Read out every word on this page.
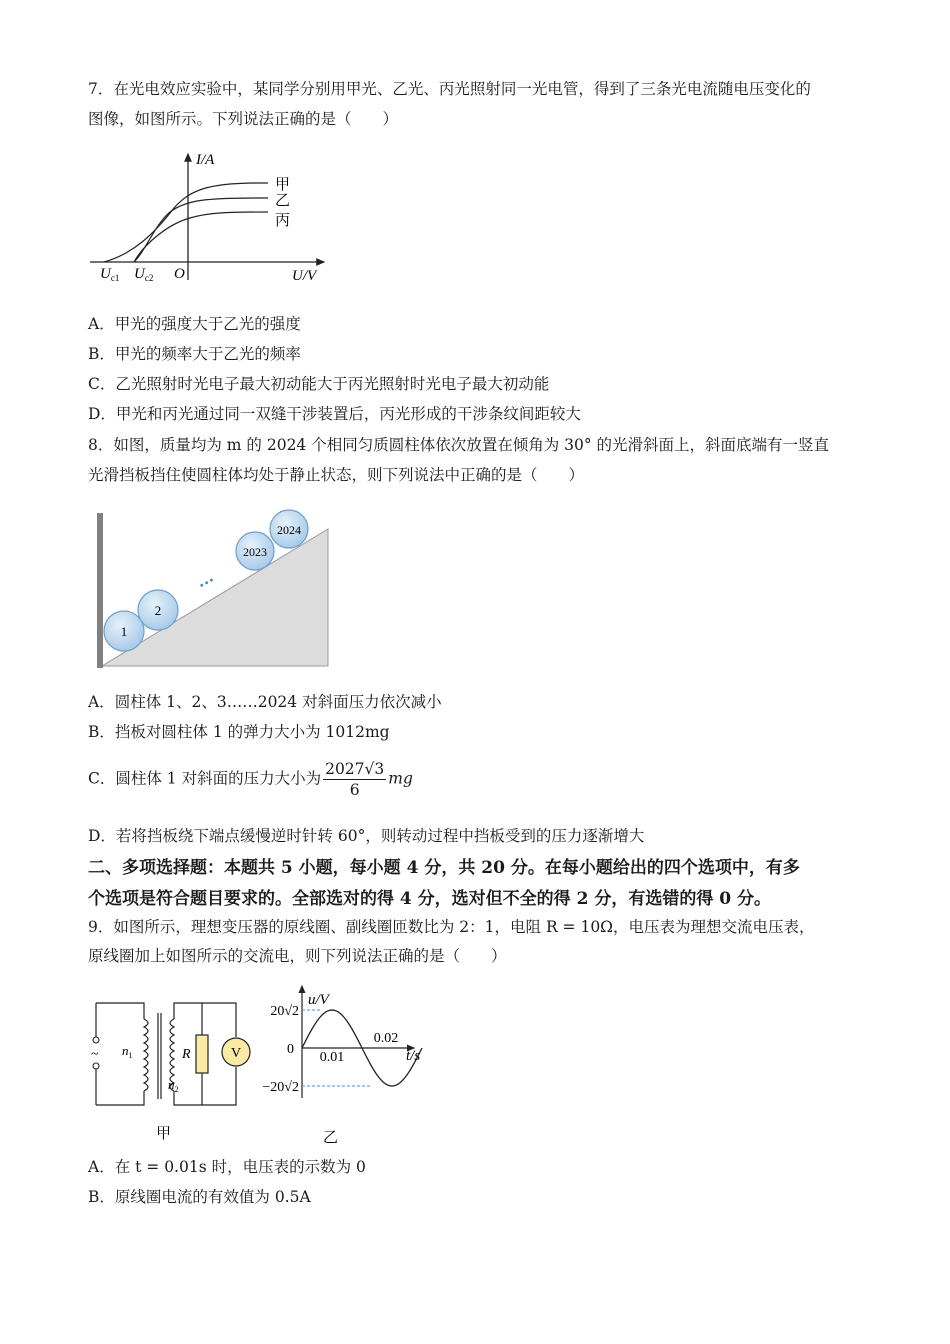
7．在光电效应实验中，某同学分别用甲光、乙光、丙光照射同一光电管，得到了三条光电流随电压变化的
图像，如图所示。下列说法正确的是（　　）
I/A
U/V
O
$U_{c1}$ $U_{c2}$
甲
乙
丙
A．甲光的强度大于乙光的强度
B．甲光的频率大于乙光的频率
C．乙光照射时光电子最大初动能大于丙光照射时光电子最大初动能
D．甲光和丙光通过同一双缝干涉装置后，丙光形成的干涉条纹间距较大
8．如图，质量均为 m 的 2024 个相同匀质圆柱体依次放置在倾角为 30° 的光滑斜面上，斜面底端有一竖直
光滑挡板挡住使圆柱体均处于静止状态，则下列说法中正确的是（　　）
1
2
2023
2024
...
A．圆柱体 1、2、3……2024 对斜面压力依次减小
B．挡板对圆柱体 1 的弹力大小为 1012mg
C．圆柱体 1 对斜面的压力大小为 $\frac{2027√3}{6}$ mg
D．若将挡板绕下端点缓慢逆时针转 60°，则转动过程中挡板受到的压力逐渐增大
二、多项选择题：本题共 5 小题，每小题 4 分，共 20 分。在每小题给出的四个选项中，有多
个选项是符合题目要求的。全部选对的得 4 分，选对但不全的得 2 分，有选错的得 0 分。
9．如图所示，理想变压器的原线圈、副线圈匝数比为 2：1，电阻 R = 10Ω，电压表为理想交流电压表，
原线圈加上如图所示的交流电，则下列说法正确的是（　　）
~	V
R
$n_1$
$n_2$
甲
u/V
t/s
0
20√2
−20√2
0.01
0.02
乙
A．在 t = 0.01s 时，电压表的示数为 0
B．原线圈电流的有效值为 0.5A
